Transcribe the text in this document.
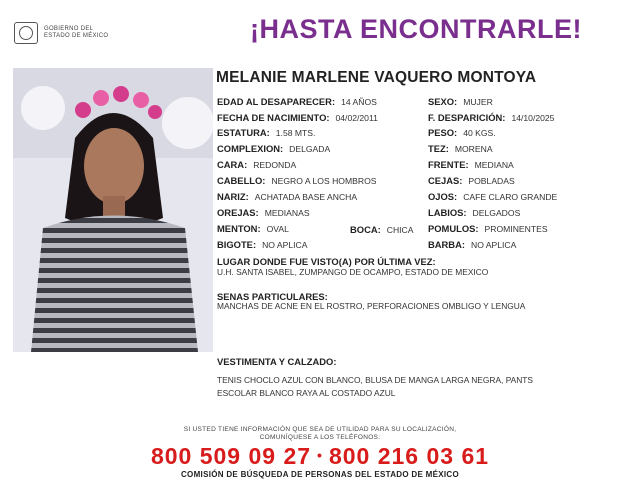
GOBIERNO DEL
ESTADO DE MÉXICO	¡HASTA ENCONTRARLE!
MELANIE MARLENE VAQUERO MONTOYA
EDAD AL DESAPARECER: 14 AÑOS
FECHA DE NACIMIENTO: 04/02/2011
ESTATURA: 1.58 MTS.
COMPLEXION: DELGADA
CARA: REDONDA
CABELLO: NEGRO A LOS HOMBROS
NARIZ: ACHATADA BASE ANCHA
OREJAS: MEDIANAS
MENTON: OVAL
BIGOTE: NO APLICA
BOCA: CHICA
SEXO: MUJER
F. DESPARICIÓN: 14/10/2025
PESO: 40 KGS.
TEZ: MORENA
FRENTE: MEDIANA
CEJAS: POBLADAS
OJOS: CAFE CLARO GRANDE
LABIOS: DELGADOS
POMULOS: PROMINENTES
BARBA: NO APLICA
LUGAR DONDE FUE VISTO(A) POR ÚLTIMA VEZ:
U.H. SANTA ISABEL, ZUMPANGO DE OCAMPO, ESTADO DE MEXICO
SENAS PARTICULARES:
MANCHAS DE ACNE EN EL ROSTRO, PERFORACIONES OMBLIGO Y LENGUA
VESTIMENTA Y CALZADO:
TENIS CHOCLO AZUL CON BLANCO, BLUSA DE MANGA LARGA NEGRA, PANTS
ESCOLAR BLANCO RAYA AL COSTADO AZUL
SI USTED TIENE INFORMACIÓN QUE SEA DE UTILIDAD PARA SU LOCALIZACIÓN,
COMUNÍQUESE A LOS TELÉFONOS:
800 509 09 27 • 800 216 03 61
COMISIÓN DE BÚSQUEDA DE PERSONAS DEL ESTADO DE MÉXICO
